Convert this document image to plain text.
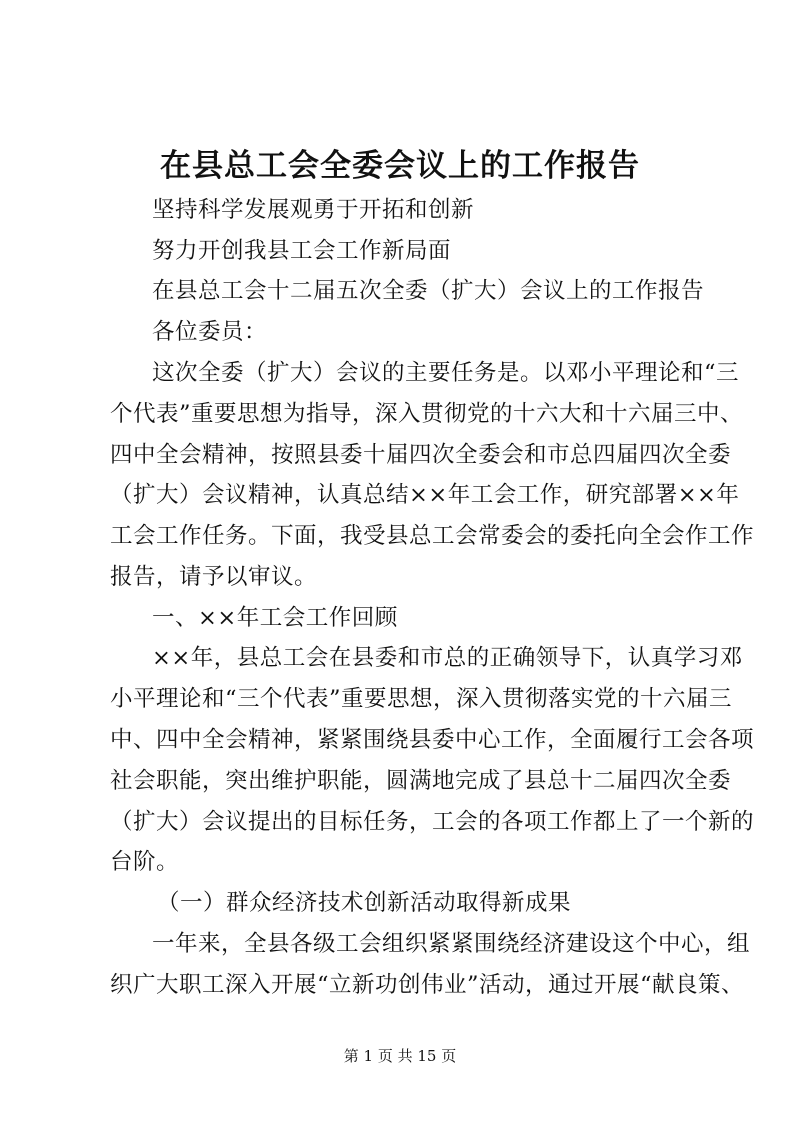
在县总工会全委会议上的工作报告
坚持科学发展观勇于开拓和创新
努力开创我县工会工作新局面
在县总工会十二届五次全委（扩大）会议上的工作报告
各位委员：
这次全委（扩大）会议的主要任务是。以邓小平理论和“三
个代表”重要思想为指导，深入贯彻党的十六大和十六届三中、
四中全会精神，按照县委十届四次全委会和市总四届四次全委
（扩大）会议精神，认真总结××年工会工作，研究部署××年
工会工作任务。下面，我受县总工会常委会的委托向全会作工作
报告，请予以审议。
一、××年工会工作回顾
××年，县总工会在县委和市总的正确领导下，认真学习邓
小平理论和“三个代表”重要思想，深入贯彻落实党的十六届三
中、四中全会精神，紧紧围绕县委中心工作，全面履行工会各项
社会职能，突出维护职能，圆满地完成了县总十二届四次全委
（扩大）会议提出的目标任务，工会的各项工作都上了一个新的
台阶。
（一）群众经济技术创新活动取得新成果
一年来，全县各级工会组织紧紧围绕经济建设这个中心，组
织广大职工深入开展“立新功创伟业”活动，通过开展“献良策、
第 1 页 共 15 页
